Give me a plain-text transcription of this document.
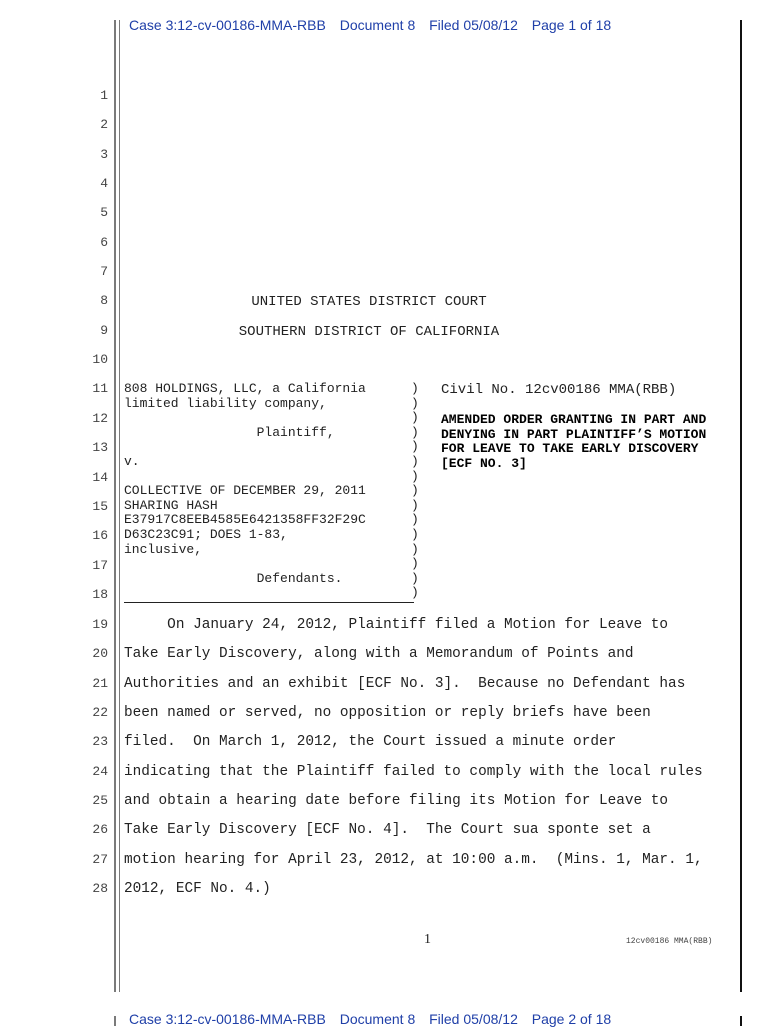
Case 3:12-cv-00186-MMA-RBB Document 8 Filed 05/08/12 Page 1 of 18
1
2
3
4
5
6
7
8
9
10
11
12
13
14
15
16
17
18
19
20
21
22
23
24
25
26
27
28
UNITED STATES DISTRICT COURT
SOUTHERN DISTRICT OF CALIFORNIA
808 HOLDINGS, LLC, a California
limited liability company,

Plaintiff,

v.

COLLECTIVE OF DECEMBER 29, 2011
SHARING HASH
E37917C8EEB4585E6421358FF32F29C
D63C23C91; DOES 1-83,
inclusive,

Defendants.
)
)
)
)
)
)
)
)
)
)
)
)
)
)
)
Civil No. 12cv00186 MMA(RBB)
AMENDED ORDER GRANTING IN PART AND DENYING IN PART PLAINTIFF’S MOTION FOR LEAVE TO TAKE EARLY DISCOVERY [ECF NO. 3]
On January 24, 2012, Plaintiff filed a Motion for Leave to
Take Early Discovery, along with a Memorandum of Points and
Authorities and an exhibit [ECF No. 3].  Because no Defendant has
been named or served, no opposition or reply briefs have been
filed.  On March 1, 2012, the Court issued a minute order
indicating that the Plaintiff failed to comply with the local rules
and obtain a hearing date before filing its Motion for Leave to
Take Early Discovery [ECF No. 4].  The Court sua sponte set a
motion hearing for April 23, 2012, at 10:00 a.m.  (Mins. 1, Mar. 1,
2012, ECF No. 4.)
1	12cv00186 MMA(RBB)
Case 3:12-cv-00186-MMA-RBB Document 8 Filed 05/08/12 Page 2 of 18
